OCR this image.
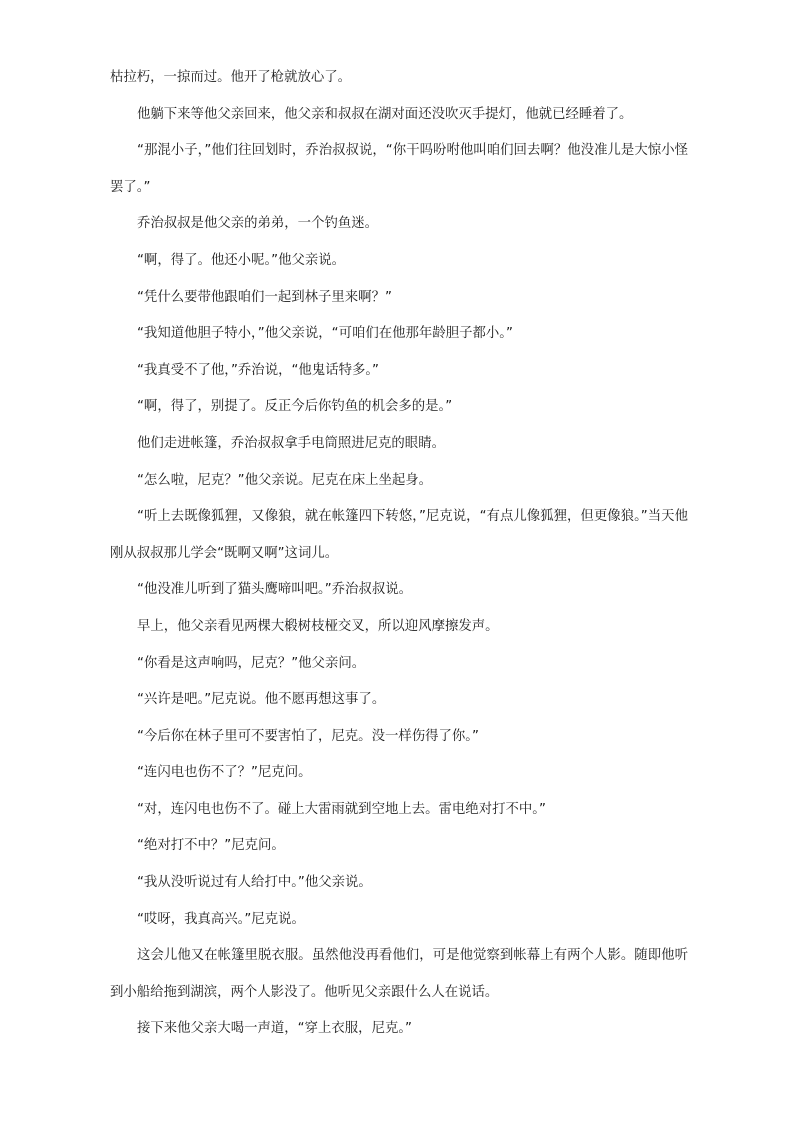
枯拉朽，一掠而过。他开了枪就放心了。

他躺下来等他父亲回来，他父亲和叔叔在湖对面还没吹灭手提灯，他就已经睡着了。

“那混小子，”他们往回划时，乔治叔叔说，“你干吗吩咐他叫咱们回去啊？他没准儿是大惊小怪罢了。”

乔治叔叔是他父亲的弟弟，一个钓鱼迷。

“啊，得了。他还小呢。”他父亲说。

“凭什么要带他跟咱们一起到林子里来啊？”

“我知道他胆子特小，”他父亲说，“可咱们在他那年龄胆子都小。”

“我真受不了他，”乔治说，“他鬼话特多。”

“啊，得了，别提了。反正今后你钓鱼的机会多的是。”

他们走进帐篷，乔治叔叔拿手电筒照进尼克的眼睛。

“怎么啦，尼克？”他父亲说。尼克在床上坐起身。

“听上去既像狐狸，又像狼，就在帐篷四下转悠，”尼克说，“有点儿像狐狸，但更像狼。”当天他刚从叔叔那儿学会“既啊又啊”这词儿。

“他没准儿听到了猫头鹰啼叫吧。”乔治叔叔说。

早上，他父亲看见两棵大椴树枝桠交叉，所以迎风摩擦发声。

“你看是这声响吗，尼克？”他父亲问。

“兴许是吧。”尼克说。他不愿再想这事了。

“今后你在林子里可不要害怕了，尼克。没一样伤得了你。”

“连闪电也伤不了？”尼克问。

“对，连闪电也伤不了。碰上大雷雨就到空地上去。雷电绝对打不中。”

“绝对打不中？”尼克问。

“我从没听说过有人给打中。”他父亲说。

“哎呀，我真高兴。”尼克说。

这会儿他又在帐篷里脱衣服。虽然他没再看他们，可是他觉察到帐幕上有两个人影。随即他听到小船给拖到湖滨，两个人影没了。他听见父亲跟什么人在说话。

接下来他父亲大喝一声道，“穿上衣服，尼克。”
